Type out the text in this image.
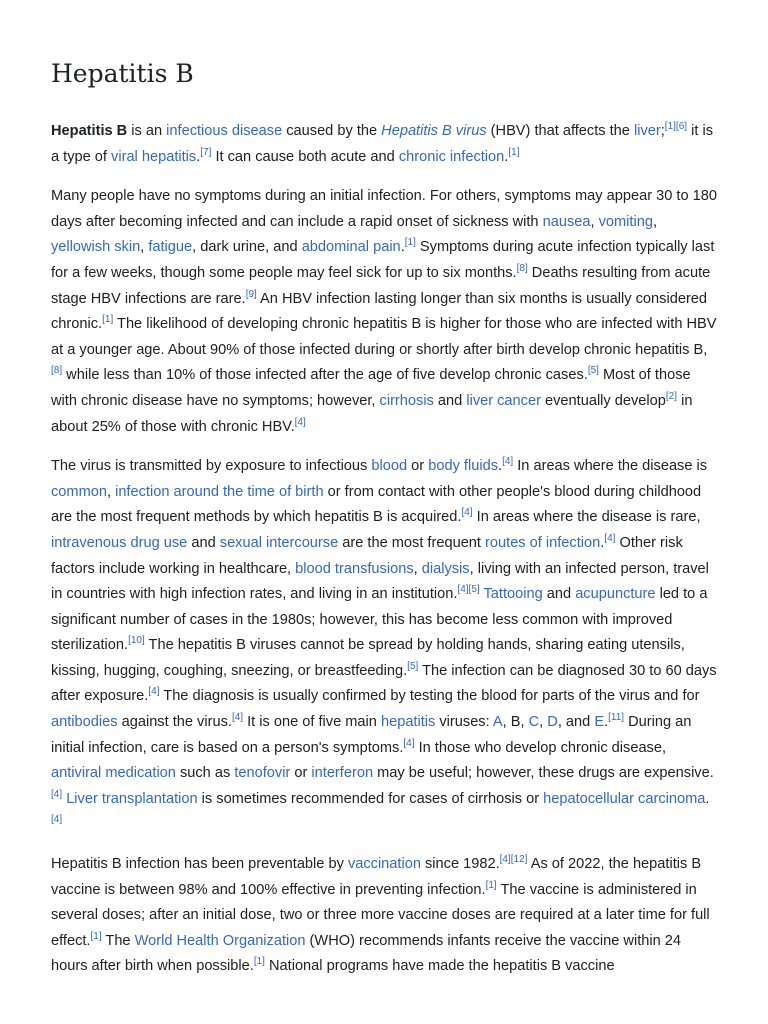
Hepatitis B

Hepatitis B is an infectious disease caused by the Hepatitis B virus (HBV) that affects the liver;[1][6] it is a type of viral hepatitis.[7] It can cause both acute and chronic infection.[1]

Many people have no symptoms during an initial infection. For others, symptoms may appear 30 to 180 days after becoming infected and can include a rapid onset of sickness with nausea, vomiting, yellowish skin, fatigue, dark urine, and abdominal pain.[1] Symptoms during acute infection typically last for a few weeks, though some people may feel sick for up to six months.[8] Deaths resulting from acute stage HBV infections are rare.[9] An HBV infection lasting longer than six months is usually considered chronic.[1] The likelihood of developing chronic hepatitis B is higher for those who are infected with HBV at a younger age. About 90% of those infected during or shortly after birth develop chronic hepatitis B,[8] while less than 10% of those infected after the age of five develop chronic cases.[5] Most of those with chronic disease have no symptoms; however, cirrhosis and liver cancer eventually develop[2] in about 25% of those with chronic HBV.[4]

The virus is transmitted by exposure to infectious blood or body fluids.[4] In areas where the disease is common, infection around the time of birth or from contact with other people's blood during childhood are the most frequent methods by which hepatitis B is acquired.[4] In areas where the disease is rare, intravenous drug use and sexual intercourse are the most frequent routes of infection.[4] Other risk factors include working in healthcare, blood transfusions, dialysis, living with an infected person, travel in countries with high infection rates, and living in an institution.[4][5] Tattooing and acupuncture led to a significant number of cases in the 1980s; however, this has become less common with improved sterilization.[10] The hepatitis B viruses cannot be spread by holding hands, sharing eating utensils, kissing, hugging, coughing, sneezing, or breastfeeding.[5] The infection can be diagnosed 30 to 60 days after exposure.[4] The diagnosis is usually confirmed by testing the blood for parts of the virus and for antibodies against the virus.[4] It is one of five main hepatitis viruses: A, B, C, D, and E.[11] During an initial infection, care is based on a person's symptoms.[4] In those who develop chronic disease, antiviral medication such as tenofovir or interferon may be useful; however, these drugs are expensive.[4] Liver transplantation is sometimes recommended for cases of cirrhosis or hepatocellular carcinoma.[4]

Hepatitis B infection has been preventable by vaccination since 1982.[4][12] As of 2022, the hepatitis B vaccine is between 98% and 100% effective in preventing infection.[1] The vaccine is administered in several doses; after an initial dose, two or three more vaccine doses are required at a later time for full effect.[1] The World Health Organization (WHO) recommends infants receive the vaccine within 24 hours after birth when possible.[1] National programs have made the hepatitis B vaccine
